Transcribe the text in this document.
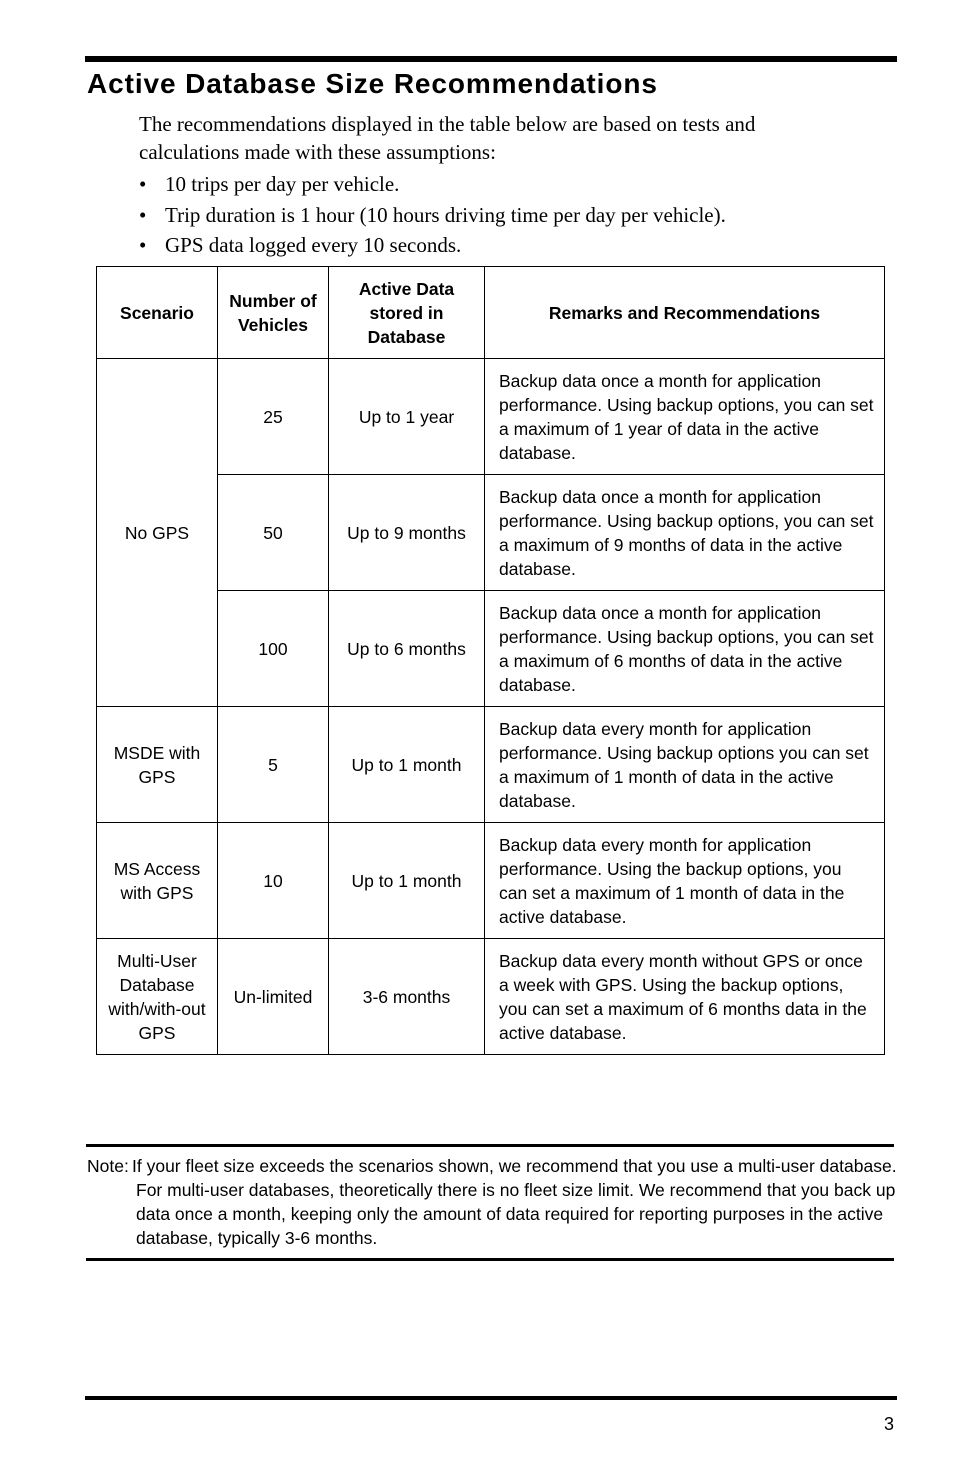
Active Database Size Recommendations

The recommendations displayed in the table below are based on tests and calculations made with these assumptions:

• 10 trips per day per vehicle.
• Trip duration is 1 hour (10 hours driving time per day per vehicle).
• GPS data logged every 10 seconds.
Scenario	Number of Vehicles	Active Data stored in Database	Remarks and Recommendations
No GPS	25	Up to 1 year	Backup data once a month for application performance. Using backup options, you can set a maximum of 1 year of data in the active database.
	50	Up to 9 months	Backup data once a month for application performance. Using backup options, you can set a maximum of 9 months of data in the active database.
	100	Up to 6 months	Backup data once a month for application performance. Using backup options, you can set a maximum of 6 months of data in the active database.
MSDE with GPS	5	Up to 1 month	Backup data every month for application performance. Using backup options you can set a maximum of 1 month of data in the active database.
MS Access with GPS	10	Up to 1 month	Backup data every month for application performance. Using the backup options, you can set a maximum of 1 month of data in the active database.
Multi-User Database with/with-out GPS	Un-limited	3-6 months	Backup data every month without GPS or once a week with GPS. Using the backup options, you can set a maximum of 6 months data in the active database.
Note: If your fleet size exceeds the scenarios shown, we recommend that you use a multi-user database. For multi-user databases, theoretically there is no fleet size limit. We recommend that you back up data once a month, keeping only the amount of data required for reporting purposes in the active database, typically 3-6 months.
3
